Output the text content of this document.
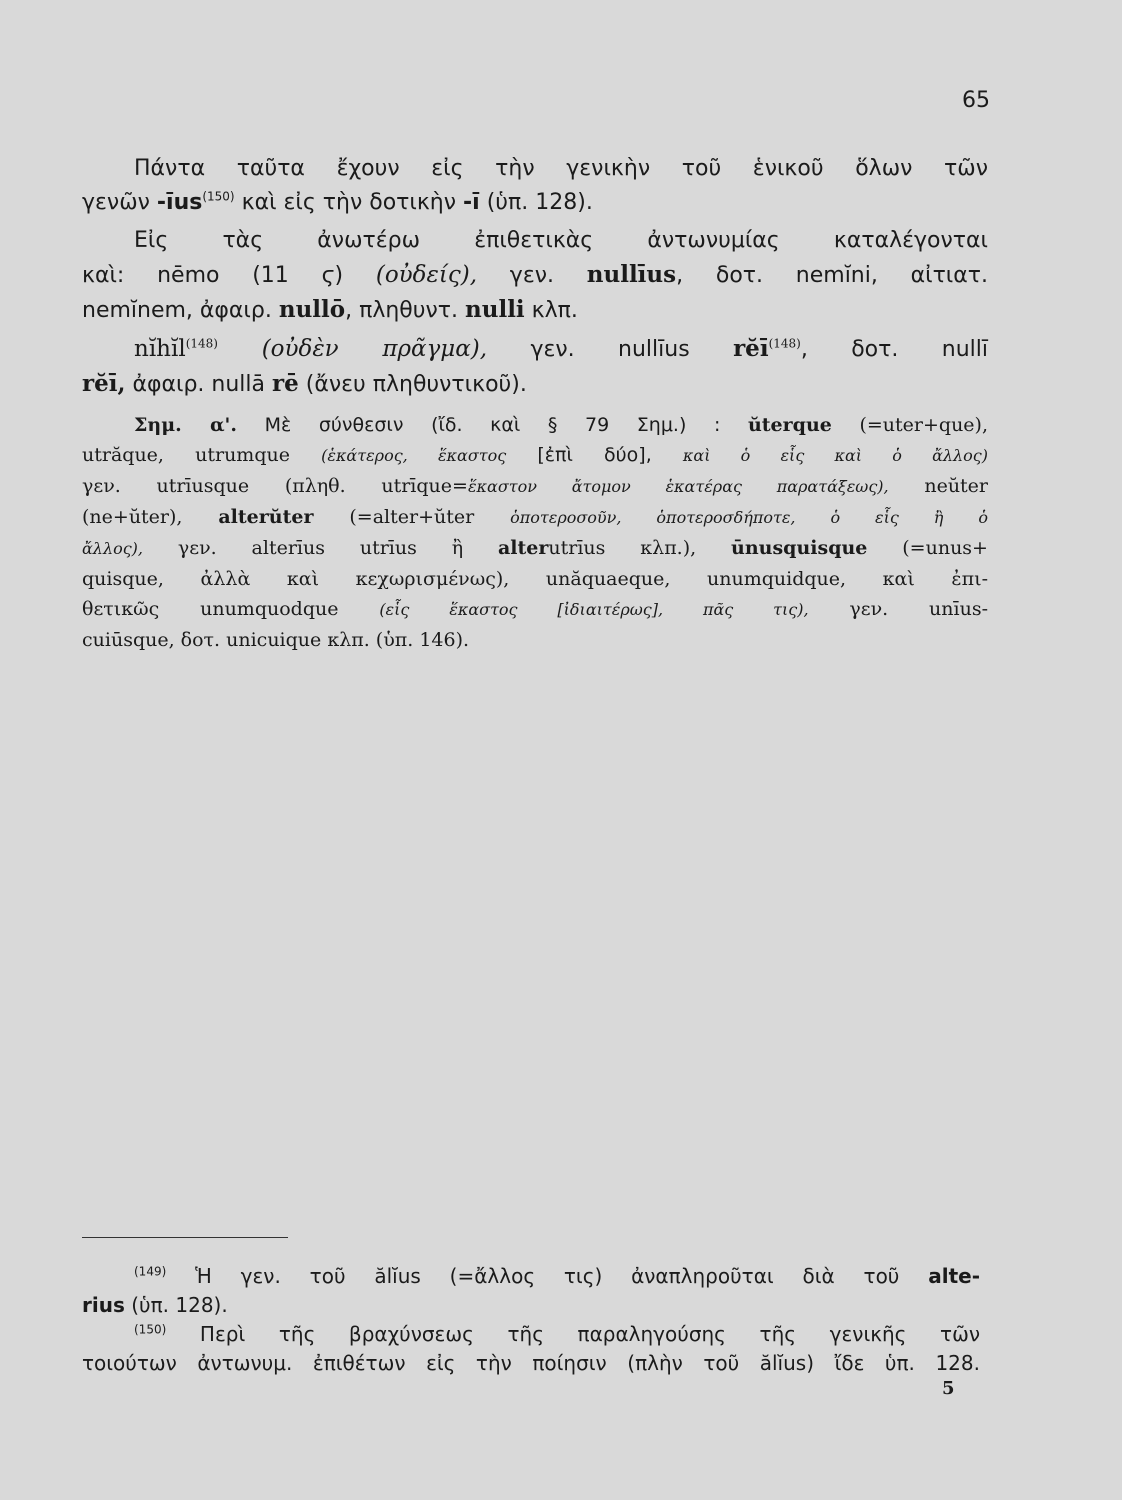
65
Πάντα ταῦτα ἔχουν εἰς τὴν γενικὴν τοῦ ἑνικοῦ ὅλων τῶν
γενῶν -īus$^{(150)}$ καὶ εἰς τὴν δοτικὴν -ī (ὑπ. 128).
Εἰς τὰς ἀνωτέρω ἐπιθετικὰς ἀντωνυμίας καταλέγονται
καὶ: nēmo (11 ϛ) (οὐδείς), γεν. nullīus, δοτ. nemĭni, αἰτιατ.
nemĭnem, ἀφαιρ. nullō, πληθυντ. nulli κλπ.
nĭhĭl$^{(148)}$ (οὐδὲν πρᾶγμα), γεν. nullīus rĕī$^{(148)}$, δοτ. nullī
rĕī, ἀφαιρ. nullā rē (ἄνευ πληθυντικοῦ).
Σημ. α'. Μὲ σύνθεσιν (ἴδ. καὶ § 79 Σημ.) : ŭterque (=uter+que),
utrăque, utrumque (ἑκάτερος, ἕκαστος [ἐπὶ δύο], καὶ ὁ εἷς καὶ ὁ ἄλλος)
γεν. utrīusque (πληθ. utrīque=ἕκαστον ἄτομον ἑκατέρας παρατάξεως), neŭter
(ne+ŭter), alterŭter (=alter+ŭter ὁποτεροσοῦν, ὁποτεροσδήποτε, ὁ εἷς ἢ ὁ
ἄλλος), γεν. alterīus utrīus ἢ alterutrīus κλπ.), ūnusquisque (=unus+
quisque, ἀλλὰ καὶ κεχωρισμένως), unăquaeque, unumquidque, καὶ ἐπι-
θετικῶς unumquodque (εἷς ἕκαστος [ἰδιαιτέρως], πᾶς τις), γεν. unīus-
cuiūsque, δοτ. unicuique κλπ. (ὑπ. 146).
$^{(149)}$ Ἡ γεν. τοῦ ălĭus (=ἄλλος τις) ἀναπληροῦται διὰ τοῦ alte-
rius (ὑπ. 128).
$^{(150)}$ Περὶ τῆς βραχύνσεως τῆς παραληγούσης τῆς γενικῆς τῶν
τοιούτων ἀντωνυμ. ἐπιθέτων εἰς τὴν ποίησιν (πλὴν τοῦ ălĭus) ἴδε ὑπ. 128.
5
